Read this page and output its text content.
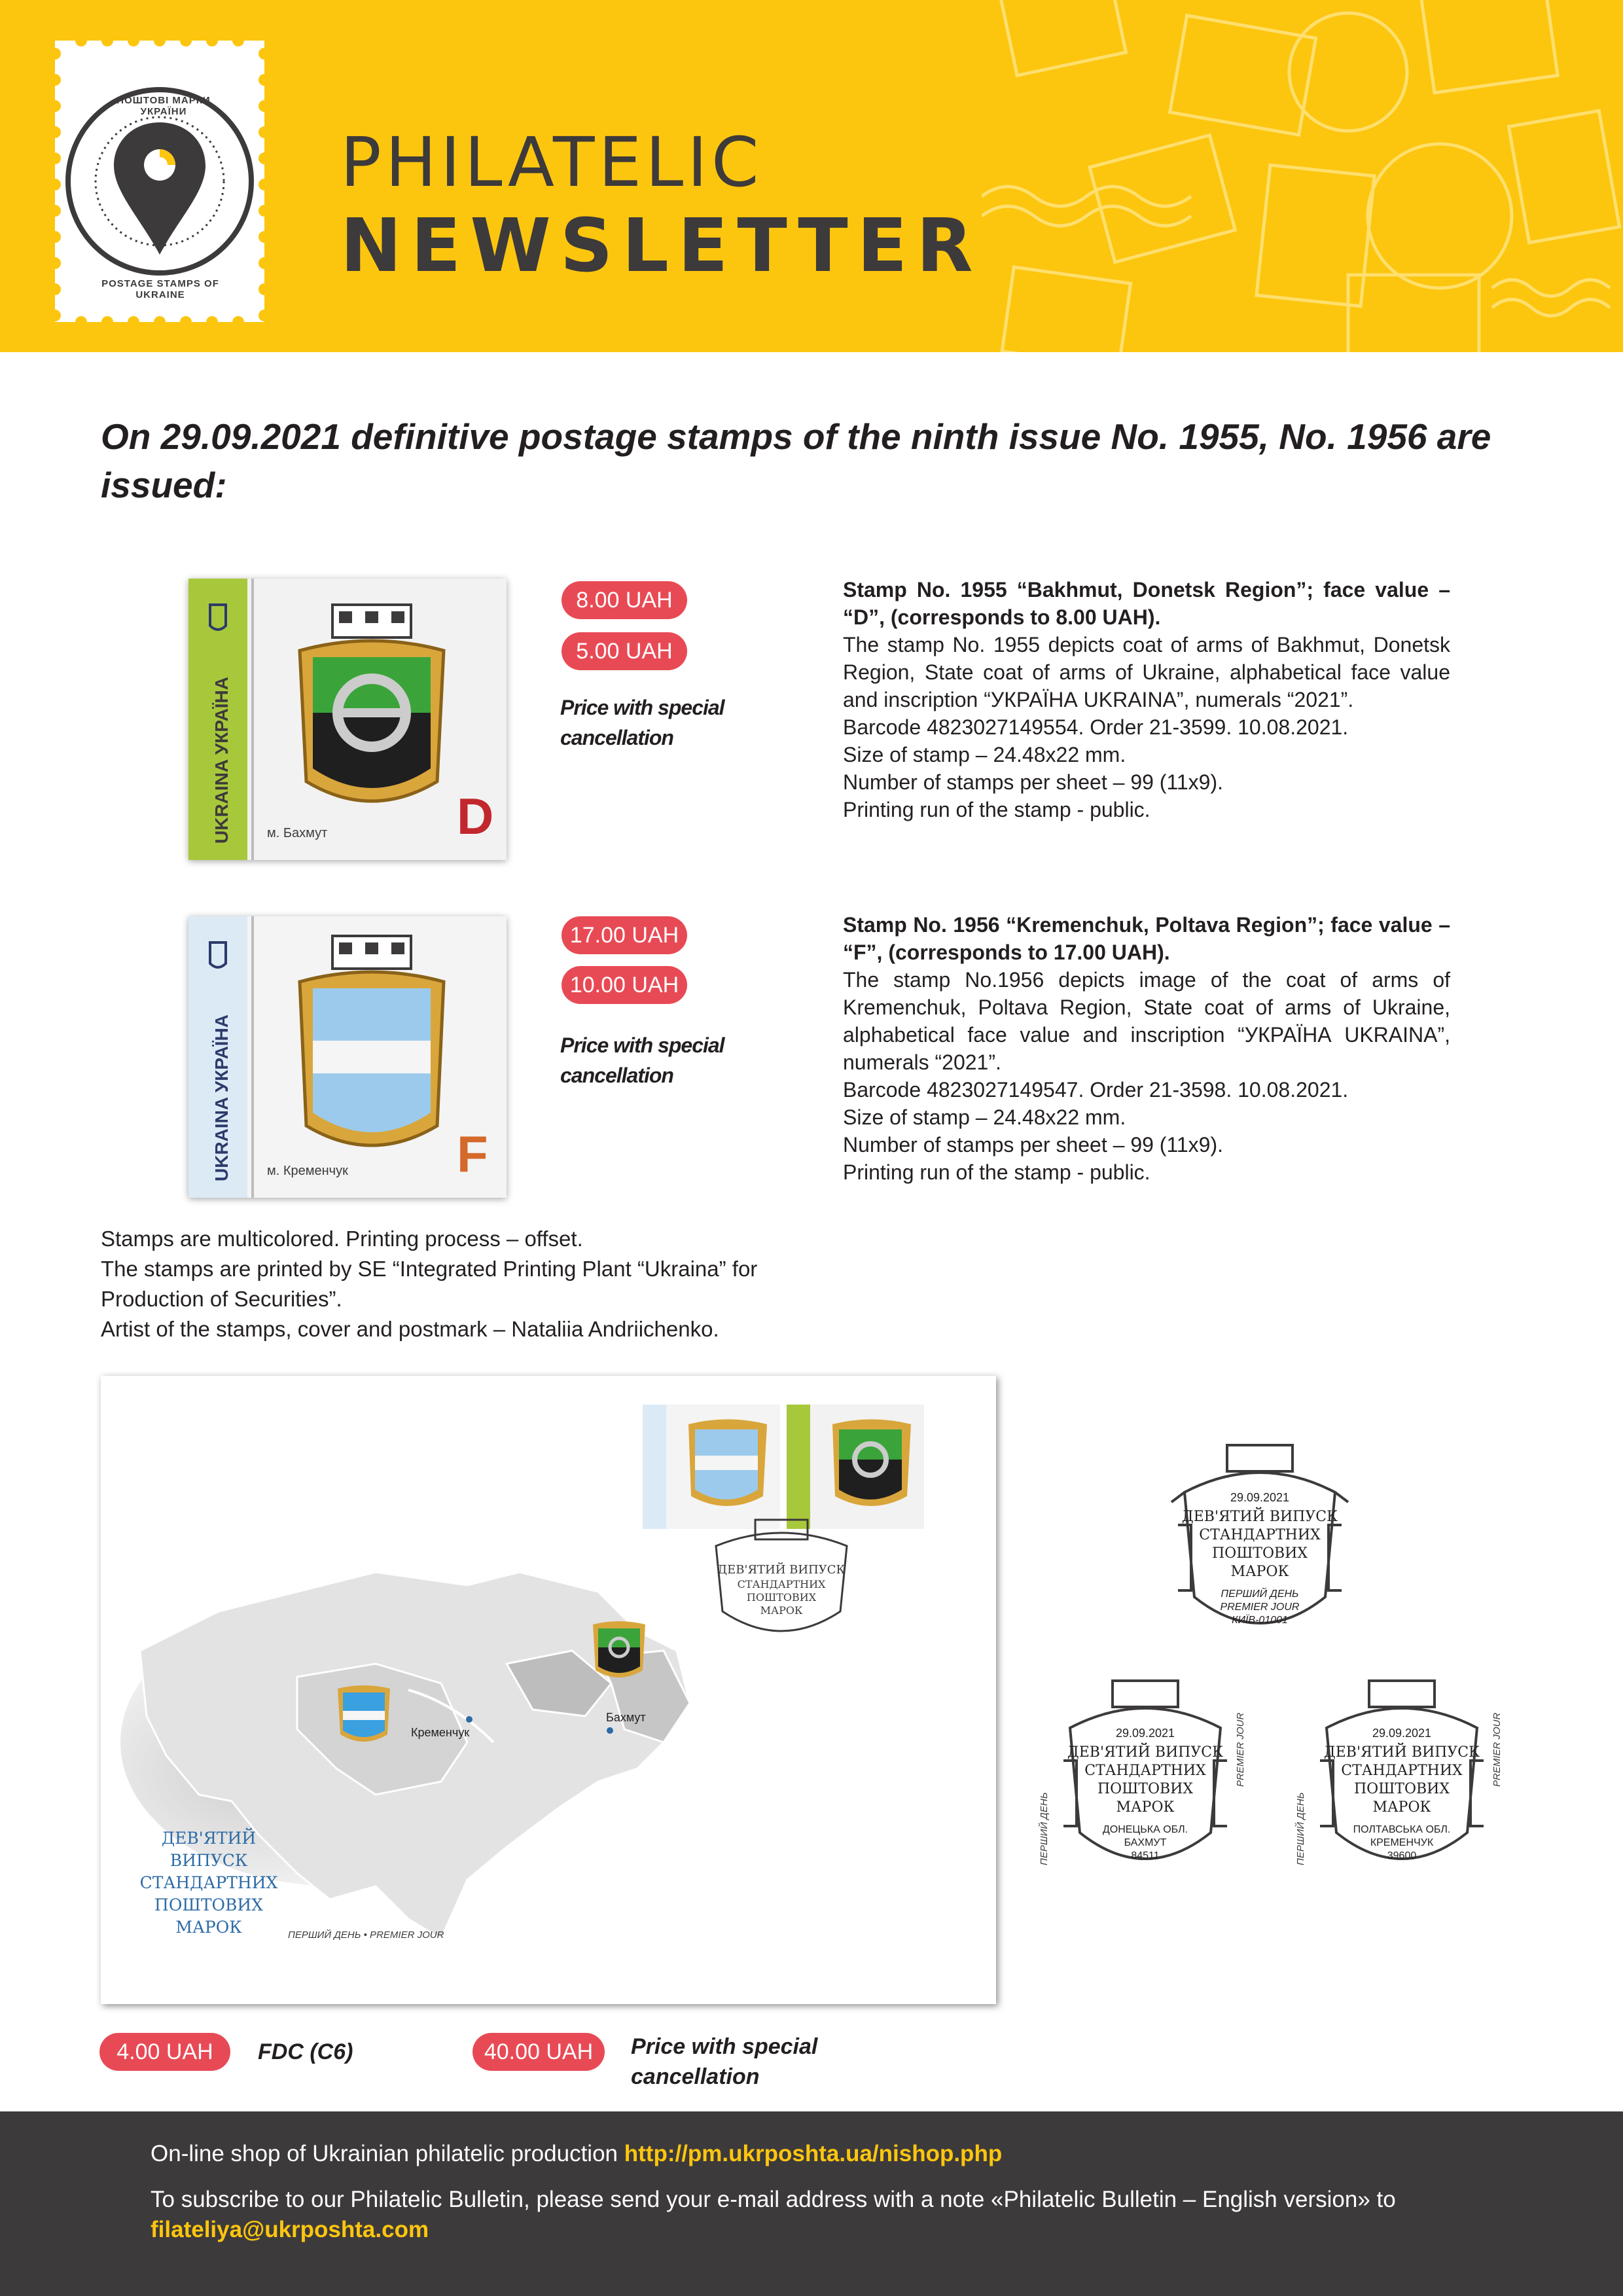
ПОШТОВІ МАРКИ УКРАЇНИ
POSTAGE STAMPS OF UKRAINE
PHILATELIC
NEWSLETTER
On 29.09.2021 definitive postage stamps of the ninth issue No. 1955, No. 1956 are issued:
UKRAINA УКРАЇНА	D
м. Бахмут
8.00 UAH
5.00 UAH
Price with special cancellation
Stamp No. 1955 “Bakhmut, Donetsk Region”; face value – “D”, (corresponds to 8.00 UAH).
The stamp No. 1955 depicts coat of arms of Bakhmut, Donetsk Region, State coat of arms of Ukraine, alphabetical face value and inscription “УКРАЇНА UKRAINA”, numerals “2021”.
Barcode 4823027149554. Order 21-3599. 10.08.2021.
Size of stamp – 24.48x22 mm.
Number of stamps per sheet – 99 (11x9).
Printing run of the stamp - public.
UKRAINA УКРАЇНА	F
м. Кременчук
17.00 UAH
10.00 UAH
Price with special cancellation
Stamp No. 1956 “Kremenchuk, Poltava Region”; face value – “F”, (corresponds to 17.00 UAH).
The stamp No.1956 depicts image of the coat of arms of Kremenchuk, Poltava Region, State coat of arms of Ukraine, alphabetical face value and inscription “УКРАЇНА UKRAINA”, numerals “2021”.
Barcode 4823027149547. Order 21-3598. 10.08.2021.
Size of stamp – 24.48x22 mm.
Number of stamps per sheet – 99 (11x9).
Printing run of the stamp - public.
Stamps are multicolored. Printing process – offset.
The stamps are printed by SE “Integrated Printing Plant “Ukraina” for Production of Securities”.
Artist of the stamps, cover and postmark – Nataliia Andriichenko.
ДЕВ'ЯТИЙ ВИПУСК
СТАНДАРТНИХ
ПОШТОВИХ
МАРОК
Кременчук
Бахмут
ДЕВ'ЯТИЙ
ВИПУСК
СТАНДАРТНИХ
ПОШТОВИХ
МАРОК	ПЕРШИЙ ДЕНЬ • PREMIER JOUR
4.00 UAH	FDC (C6)	40.00 UAH	Price with special cancellation
29.09.2021
ДЕВ'ЯТИЙ ВИПУСК
СТАНДАРТНИХ
ПОШТОВИХ
МАРОК
ПЕРШИЙ ДЕНЬ
PREMIER JOUR
КИЇВ-01001
ПЕРШИЙ ДЕНЬ
PREMIER JOUR
29.09.2021
ДЕВ'ЯТИЙ ВИПУСК
СТАНДАРТНИХ
ПОШТОВИХ
МАРОК
ДОНЕЦЬКА ОБЛ.
БАХМУТ
84511	ПЕРШИЙ ДЕНЬ
PREMIER JOUR
29.09.2021
ДЕВ'ЯТИЙ ВИПУСК
СТАНДАРТНИХ
ПОШТОВИХ
МАРОК
ПОЛТАВСЬКА ОБЛ.
КРЕМЕНЧУК
39600
On-line shop of Ukrainian philatelic production http://pm.ukrposhta.ua/nishop.php
To subscribe to our Philatelic Bulletin, please send your e-mail address with a note «Philatelic Bulletin – English version» to
filateliya@ukrposhta.com
